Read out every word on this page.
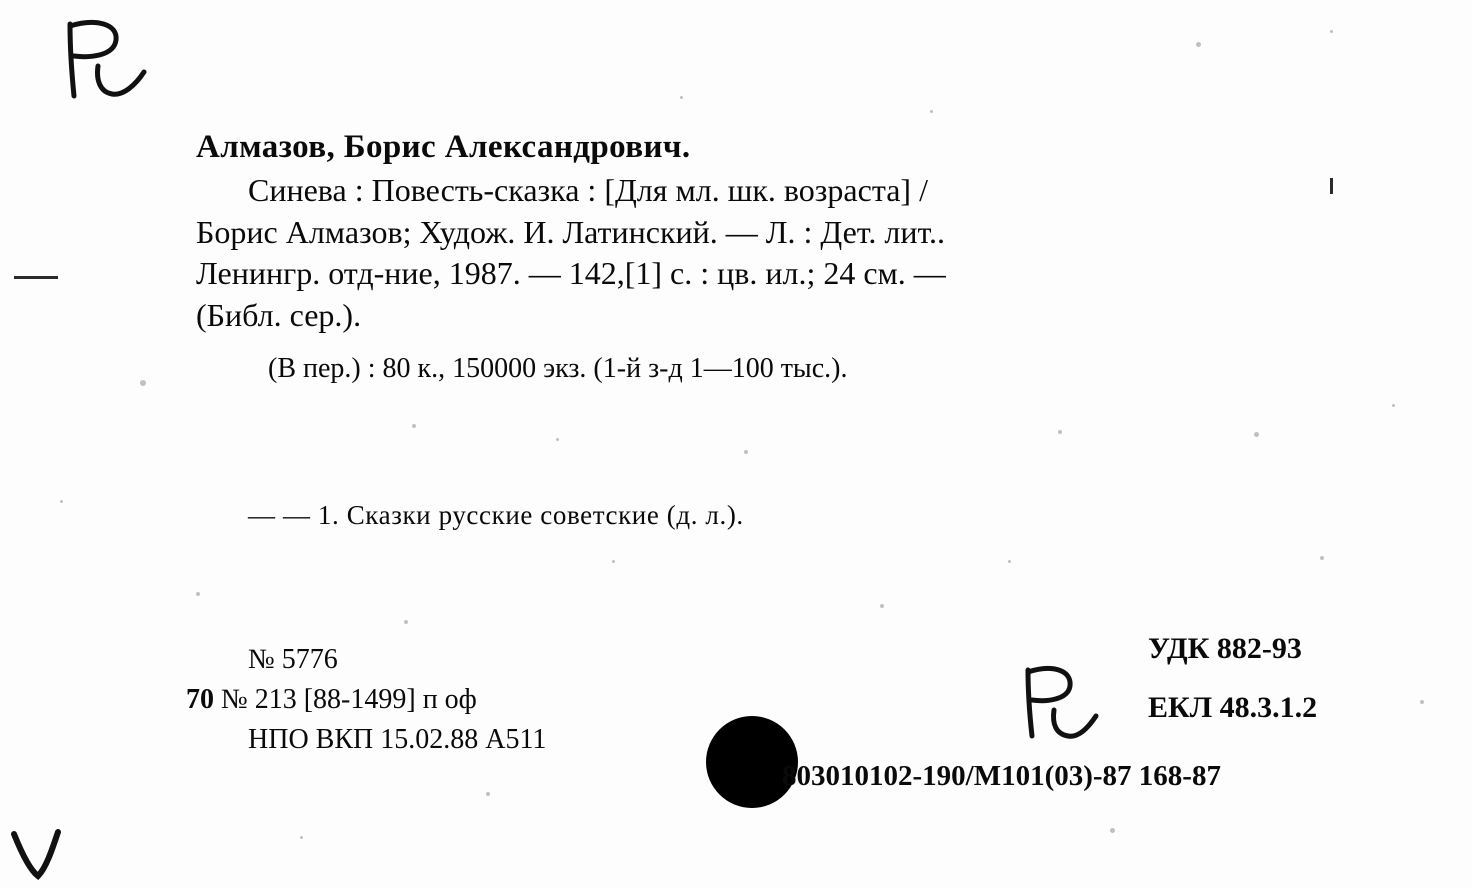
Алмазов, Борис Александрович.

Синева : Повесть-сказка : [Для мл. шк. возраста] /

Борис Алмазов; Худож. И. Латинский. — Л. : Дет. лит..

Ленингр. отд-ние, 1987. — 142,[1] с. : цв. ил.; 24 см. —

(Библ. сер.).

(В пер.) : 80 к., 150000 экз. (1-й з-д 1—100 тыс.).

— — 1. Сказки русские советские (д. л.).
№ 5776
70 № 213 [88-1499] п оф
НПО ВКП 15.02.88 А511
УДК 882-93
ЕКЛ 48.3.1.2
803010102-190/М101(03)-87 168-87
